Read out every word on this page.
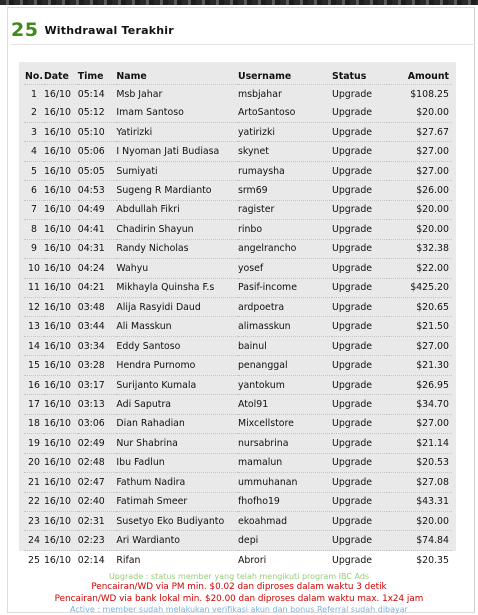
25 Withdrawal Terakhir
No.	Date	Time	Name	Username	Status	Amount
1	16/10	05:14	Msb Jahar	msbjahar	Upgrade	$108.25
2	16/10	05:12	Imam Santoso	ArtoSantoso	Upgrade	$20.00
3	16/10	05:10	Yatirizki	yatirizki	Upgrade	$27.67
4	16/10	05:06	I Nyoman Jati Budiasa	skynet	Upgrade	$27.00
5	16/10	05:05	Sumiyati	rumaysha	Upgrade	$27.00
6	16/10	04:53	Sugeng R Mardianto	srm69	Upgrade	$26.00
7	16/10	04:49	Abdullah Fikri	ragister	Upgrade	$20.00
8	16/10	04:41	Chadirin Shayun	rinbo	Upgrade	$20.00
9	16/10	04:31	Randy Nicholas	angelrancho	Upgrade	$32.38
10	16/10	04:24	Wahyu	yosef	Upgrade	$22.00
11	16/10	04:21	Mikhayla Quinsha F.s	Pasif-income	Upgrade	$425.20
12	16/10	03:48	Alija Rasyidi Daud	ardpoetra	Upgrade	$20.65
13	16/10	03:44	Ali Masskun	alimasskun	Upgrade	$21.50
14	16/10	03:34	Eddy Santoso	bainul	Upgrade	$27.00
15	16/10	03:28	Hendra Purnomo	penanggal	Upgrade	$21.30
16	16/10	03:17	Surijanto Kumala	yantokum	Upgrade	$26.95
17	16/10	03:13	Adi Saputra	Atol91	Upgrade	$34.70
18	16/10	03:06	Dian Rahadian	Mixcellstore	Upgrade	$27.00
19	16/10	02:49	Nur Shabrina	nursabrina	Upgrade	$21.14
20	16/10	02:48	Ibu Fadlun	mamalun	Upgrade	$20.53
21	16/10	02:47	Fathum Nadira	ummuhanan	Upgrade	$27.08
22	16/10	02:40	Fatimah Smeer	fhofho19	Upgrade	$43.31
23	16/10	02:31	Susetyo Eko Budiyanto	ekoahmad	Upgrade	$20.00
24	16/10	02:23	Ari Wardianto	depi	Upgrade	$74.84
25	16/10	02:14	Rifan	Abrori	Upgrade	$20.35
Upgrade : status member yang telah mengikuti program IBC Ads
Pencairan/WD via PM min. $0.02 dan diproses dalam waktu 3 detik
Pencairan/WD via bank lokal min. $20.00 dan diproses dalam waktu max. 1x24 jam
Active : member sudah melakukan verifikasi akun dan bonus Referral sudah dibayar
